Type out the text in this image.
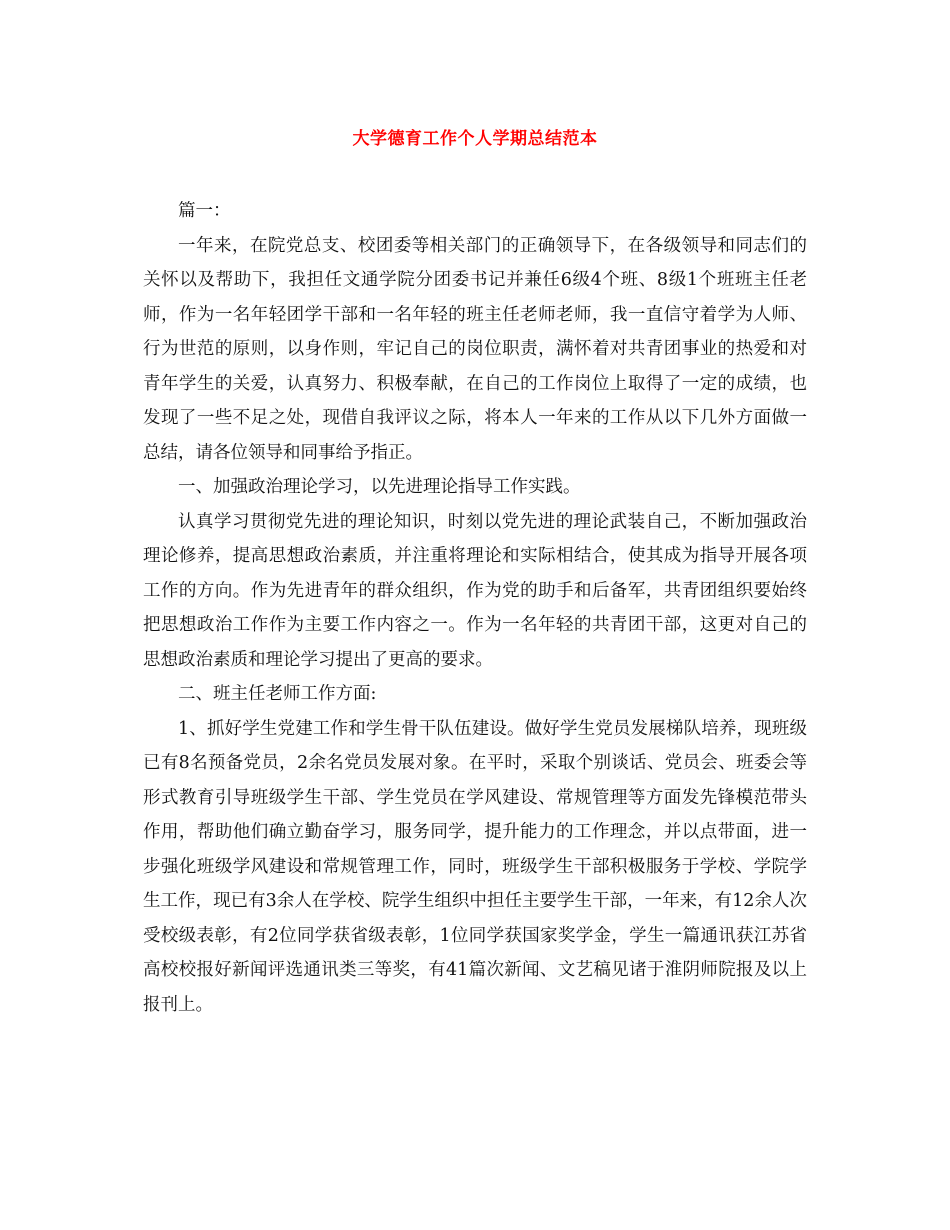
大学德育工作个人学期总结范本

篇一：

一年来，在院党总支、校团委等相关部门的正确领导下，在各级领导和同志们的关怀以及帮助下，我担任文通学院分团委书记并兼任6级4个班、8级1个班班主任老师，作为一名年轻团学干部和一名年轻的班主任老师老师，我一直信守着学为人师、行为世范的原则，以身作则，牢记自己的岗位职责，满怀着对共青团事业的热爱和对青年学生的关爱，认真努力、积极奉献，在自己的工作岗位上取得了一定的成绩，也发现了一些不足之处，现借自我评议之际，将本人一年来的工作从以下几外方面做一总结，请各位领导和同事给予指正。

一、加强政治理论学习，以先进理论指导工作实践。

认真学习贯彻党先进的理论知识，时刻以党先进的理论武装自己，不断加强政治理论修养，提高思想政治素质，并注重将理论和实际相结合，使其成为指导开展各项工作的方向。作为先进青年的群众组织，作为党的助手和后备军，共青团组织要始终把思想政治工作作为主要工作内容之一。作为一名年轻的共青团干部，这更对自己的思想政治素质和理论学习提出了更高的要求。

二、班主任老师工作方面:

1、抓好学生党建工作和学生骨干队伍建设。做好学生党员发展梯队培养，现班级已有8名预备党员，2余名党员发展对象。在平时，采取个别谈话、党员会、班委会等形式教育引导班级学生干部、学生党员在学风建设、常规管理等方面发先锋模范带头作用，帮助他们确立勤奋学习，服务同学，提升能力的工作理念，并以点带面，进一步强化班级学风建设和常规管理工作，同时，班级学生干部积极服务于学校、学院学生工作，现已有3余人在学校、院学生组织中担任主要学生干部，一年来，有12余人次受校级表彰，有2位同学获省级表彰，1位同学获国家奖学金，学生一篇通讯获江苏省高校校报好新闻评选通讯类三等奖，有41篇次新闻、文艺稿见诸于淮阴师院报及以上报刊上。
